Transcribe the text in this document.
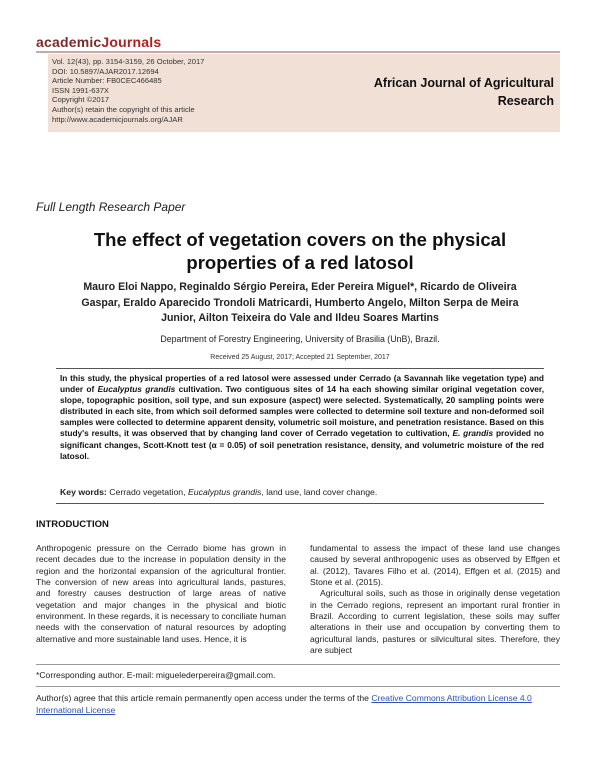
academicJournals
Vol. 12(43), pp. 3154-3159, 26 October, 2017
DOI: 10.5897/AJAR2017.12694
Article Number: FB0CEC466485
ISSN 1991-637X
Copyright ©2017
Author(s) retain the copyright of this article
http://www.academicjournals.org/AJAR
African Journal of Agricultural
Research
Full Length Research Paper
The effect of vegetation covers on the physical
properties of a red latosol
Mauro Eloi Nappo, Reginaldo Sérgio Pereira, Eder Pereira Miguel*, Ricardo de Oliveira
Gaspar, Eraldo Aparecido Trondoli Matricardi, Humberto Angelo, Milton Serpa de Meira
Junior, Ailton Teixeira do Vale and Ildeu Soares Martins
Department of Forestry Engineering, University of Brasilia (UnB), Brazil.
Received 25 August, 2017; Accepted 21 September, 2017
In this study, the physical properties of a red latosol were assessed under Cerrado (a Savannah like vegetation type) and under of Eucalyptus grandis cultivation. Two contiguous sites of 14 ha each showing similar original vegetation cover, slope, topographic position, soil type, and sun exposure (aspect) were selected. Systematically, 20 sampling points were distributed in each site, from which soil deformed samples were collected to determine soil texture and non-deformed soil samples were collected to determine apparent density, volumetric soil moisture, and penetration resistance. Based on this study's results, it was observed that by changing land cover of Cerrado vegetation to cultivation, E. grandis provided no significant changes, Scott-Knott test (α = 0.05) of soil penetration resistance, density, and volumetric moisture of the red latosol.
Key words: Cerrado vegetation, Eucalyptus grandis, land use, land cover change.
INTRODUCTION

Anthropogenic pressure on the Cerrado biome has grown in recent decades due to the increase in population density in the region and the horizontal expansion of the agricultural frontier. The conversion of new areas into agricultural lands, pastures, and forestry causes destruction of large areas of native vegetation and major changes in the physical and biotic environment. In these regards, it is necessary to conciliate human needs with the conservation of natural resources by adopting alternative and more sustainable land uses. Hence, it is

fundamental to assess the impact of these land use changes caused by several anthropogenic uses as observed by Effgen et al. (2012), Tavares Filho et al. (2014), Effgen et al. (2015) and Stone et al. (2015).

Agricultural soils, such as those in originally dense vegetation in the Cerrado regions, represent an important rural frontier in Brazil. According to current legislation, these soils may suffer alterations in their use and occupation by converting them to agricultural lands, pastures or silvicultural sites. Therefore, they are subject

*Corresponding author. E-mail: miguelederpereira@gmail.com.
Author(s) agree that this article remain permanently open access under the terms of the Creative Commons Attribution License 4.0 International License
